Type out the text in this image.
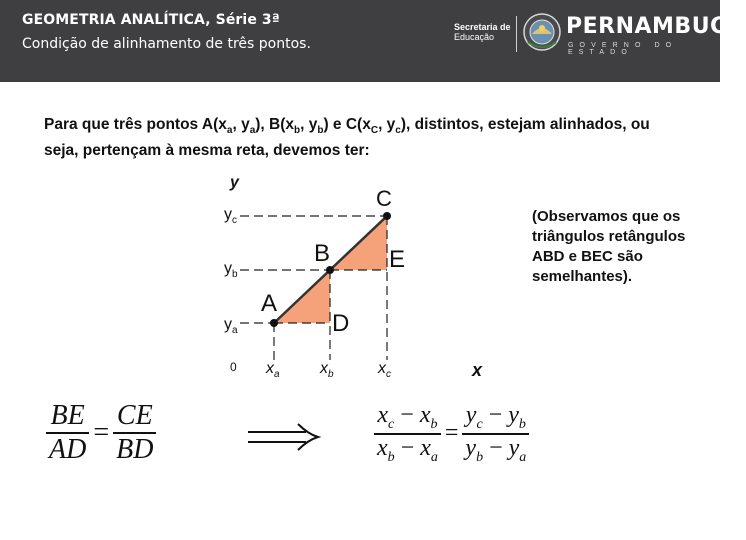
GEOMETRIA ANALÍTICA, Série 3ª
Condição de alinhamento de três pontos.
Secretaria de
Educação	PERNAMBUCO
GOVERNO DO ESTADO
Para que três pontos $A(x_a$, $y_a$), $B(x_b$, $y_b$) e $C(x_C$, $y_c$), distintos, estejam alinhados, ou seja, pertençam à mesma reta, devemos ter:
y
x
0
$y_c$
$y_b$
$y_a$
$x_a$	$x_b$	$x_c$
C
B
A
D
E
(Observamos que os triângulos retângulos ABD e BEC são semelhantes).
$\frac{BE}{AD} = \frac{CE}{BD}$	$\frac{x_c - x_b}{x_b - x_a} = \frac{y_c - y_b}{y_b - y_a}$
